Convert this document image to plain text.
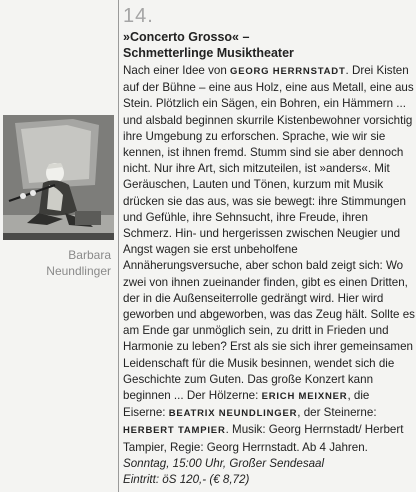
Barbara
Neundlinger
14.
»Concerto Grosso« –
Schmetterlinge Musiktheater

Nach einer Idee von GEORG HERRNSTADT. Drei Kisten auf der Bühne – eine aus Holz, eine aus Metall, eine aus Stein. Plötzlich ein Sägen, ein Bohren, ein Hämmern ... und alsbald beginnen skurrile Kistenbewohner vorsichtig ihre Umgebung zu erforschen. Sprache, wie wir sie kennen, ist ihnen fremd. Stumm sind sie aber dennoch nicht. Nur ihre Art, sich mitzuteilen, ist »anders«. Mit Geräuschen, Lauten und Tönen, kurzum mit Musik drücken sie das aus, was sie bewegt: ihre Stimmungen und Gefühle, ihre Sehnsucht, ihre Freude, ihren Schmerz. Hin- und hergerissen zwischen Neugier und Angst wagen sie erst unbeholfene Annäherungsversuche, aber schon bald zeigt sich: Wo zwei von ihnen zueinander finden, gibt es einen Dritten, der in die Außenseiterrolle gedrängt wird. Hier wird geworben und abgeworben, was das Zeug hält. Sollte es am Ende gar unmöglich sein, zu dritt in Frieden und Harmonie zu leben? Erst als sie sich ihrer gemeinsamen Leidenschaft für die Musik besinnen, wendet sich die Geschichte zum Guten. Das große Konzert kann beginnen ... Der Hölzerne: ERICH MEIXNER, die Eiserne: BEATRIX NEUNDLINGER, der Steinerne: HERBERT TAMPIER. Musik: Georg Herrnstadt/ Herbert Tampier, Regie: Georg Herrnstadt. Ab 4 Jahren.
Sonntag, 15:00 Uhr, Großer Sendesaal
Eintritt: öS 120,- (€ 8,72)
